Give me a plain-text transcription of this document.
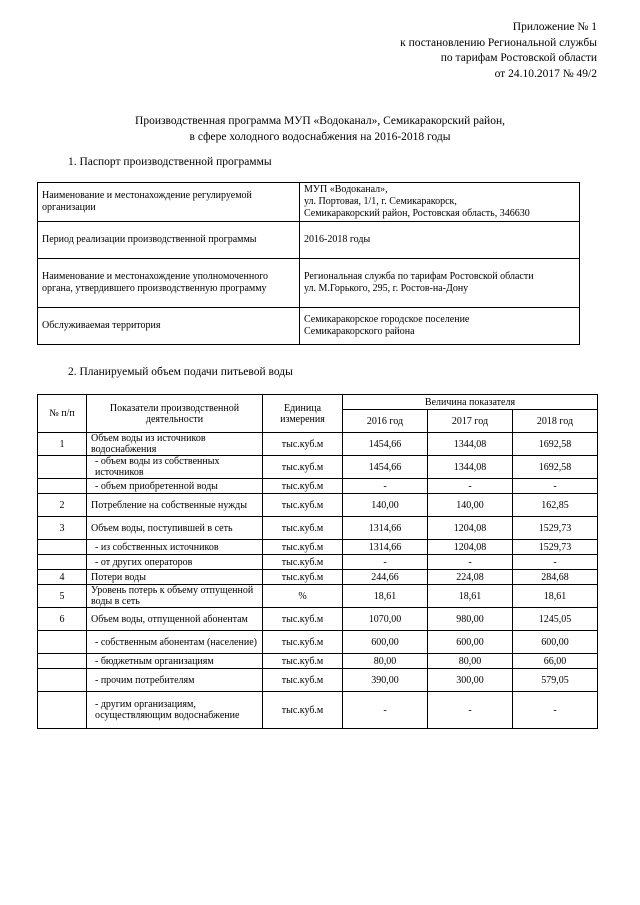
Приложение № 1
к постановлению Региональной службы
по тарифам Ростовской области
от 24.10.2017 № 49/2
Производственная программа МУП «Водоканал», Семикаракорский район,
в сфере холодного водоснабжения на 2016-2018 годы
1. Паспорт производственной программы
Наименование и местонахождение регулируемой организации	МУП «Водоканал»,
ул. Портовая, 1/1, г. Семикаракорск,
Семикаракорский район, Ростовская область, 346630

Период реализации производственной программы	2016-2018 годы

Наименование и местонахождение уполномоченного органа, утвердившего производственную программу	Региональная служба по тарифам Ростовской области
ул. М.Горького, 295, г. Ростов-на-Дону

Обслуживаемая территория	Семикаракорское городское поселение
Семикаракорского района
2. Планируемый объем подачи питьевой воды
№ п/п	Показатели производственной деятельности	Единица измерения	Величина показателя		
			2016 год	2017 год	2018 год
1	Объем воды из источников водоснабжения	тыс.куб.м	1454,66	1344,08	1692,58
	- объем воды из собственных источников	тыс.куб.м	1454,66	1344,08	1692,58
	- объем приобретенной воды	тыс.куб.м	-	-	-
2	Потребление на собственные нужды	тыс.куб.м	140,00	140,00	162,85
3	Объем воды, поступившей в сеть	тыс.куб.м	1314,66	1204,08	1529,73
	- из собственных источников	тыс.куб.м	1314,66	1204,08	1529,73
	- от других операторов	тыс.куб.м	-	-	-
4	Потери воды	тыс.куб.м	244,66	224,08	284,68
5	Уровень потерь к объему отпущенной воды в сеть	%	18,61	18,61	18,61
6	Объем воды, отпущенной абонентам	тыс.куб.м	1070,00	980,00	1245,05
	- собственным абонентам (население)	тыс.куб.м	600,00	600,00	600,00
	- бюджетным организациям	тыс.куб.м	80,00	80,00	66,00
	- прочим потребителям	тыс.куб.м	390,00	300,00	579,05
	- другим организациям, осуществляющим водоснабжение	тыс.куб.м	-	-	-
